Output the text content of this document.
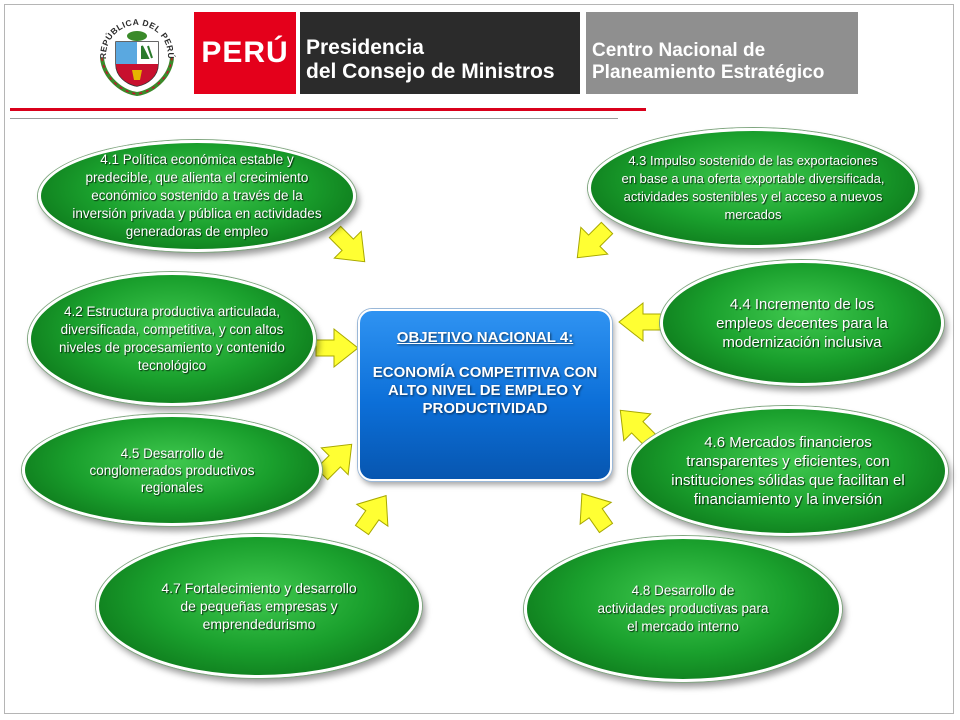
REPÚBLICA DEL PERÚ PERÚ Presidencia
del Consejo de Ministros
Centro Nacional de
Planeamiento Estratégico
OBJETIVO NACIONAL 4:
ECONOMÍA COMPETITIVA CON ALTO NIVEL DE EMPLEO Y PRODUCTIVIDAD
4.1 Política económica estable y predecible, que alienta el crecimiento económico sostenido a través de la inversión privada y pública en actividades generadoras de empleo
4.3 Impulso sostenido de las exportaciones en base a una oferta exportable diversificada, actividades sostenibles y el acceso a nuevos mercados
4.2 Estructura productiva articulada, diversificada, competitiva, y con altos niveles de procesamiento y contenido tecnológico
4.4 Incremento de los empleos decentes para la modernización inclusiva
4.5 Desarrollo de conglomerados productivos regionales
4.6 Mercados financieros transparentes y eficientes, con instituciones sólidas que facilitan el financiamiento y la inversión
4.7 Fortalecimiento y desarrollo de pequeñas empresas y emprendedurismo
4.8 Desarrollo de actividades productivas para el mercado interno
